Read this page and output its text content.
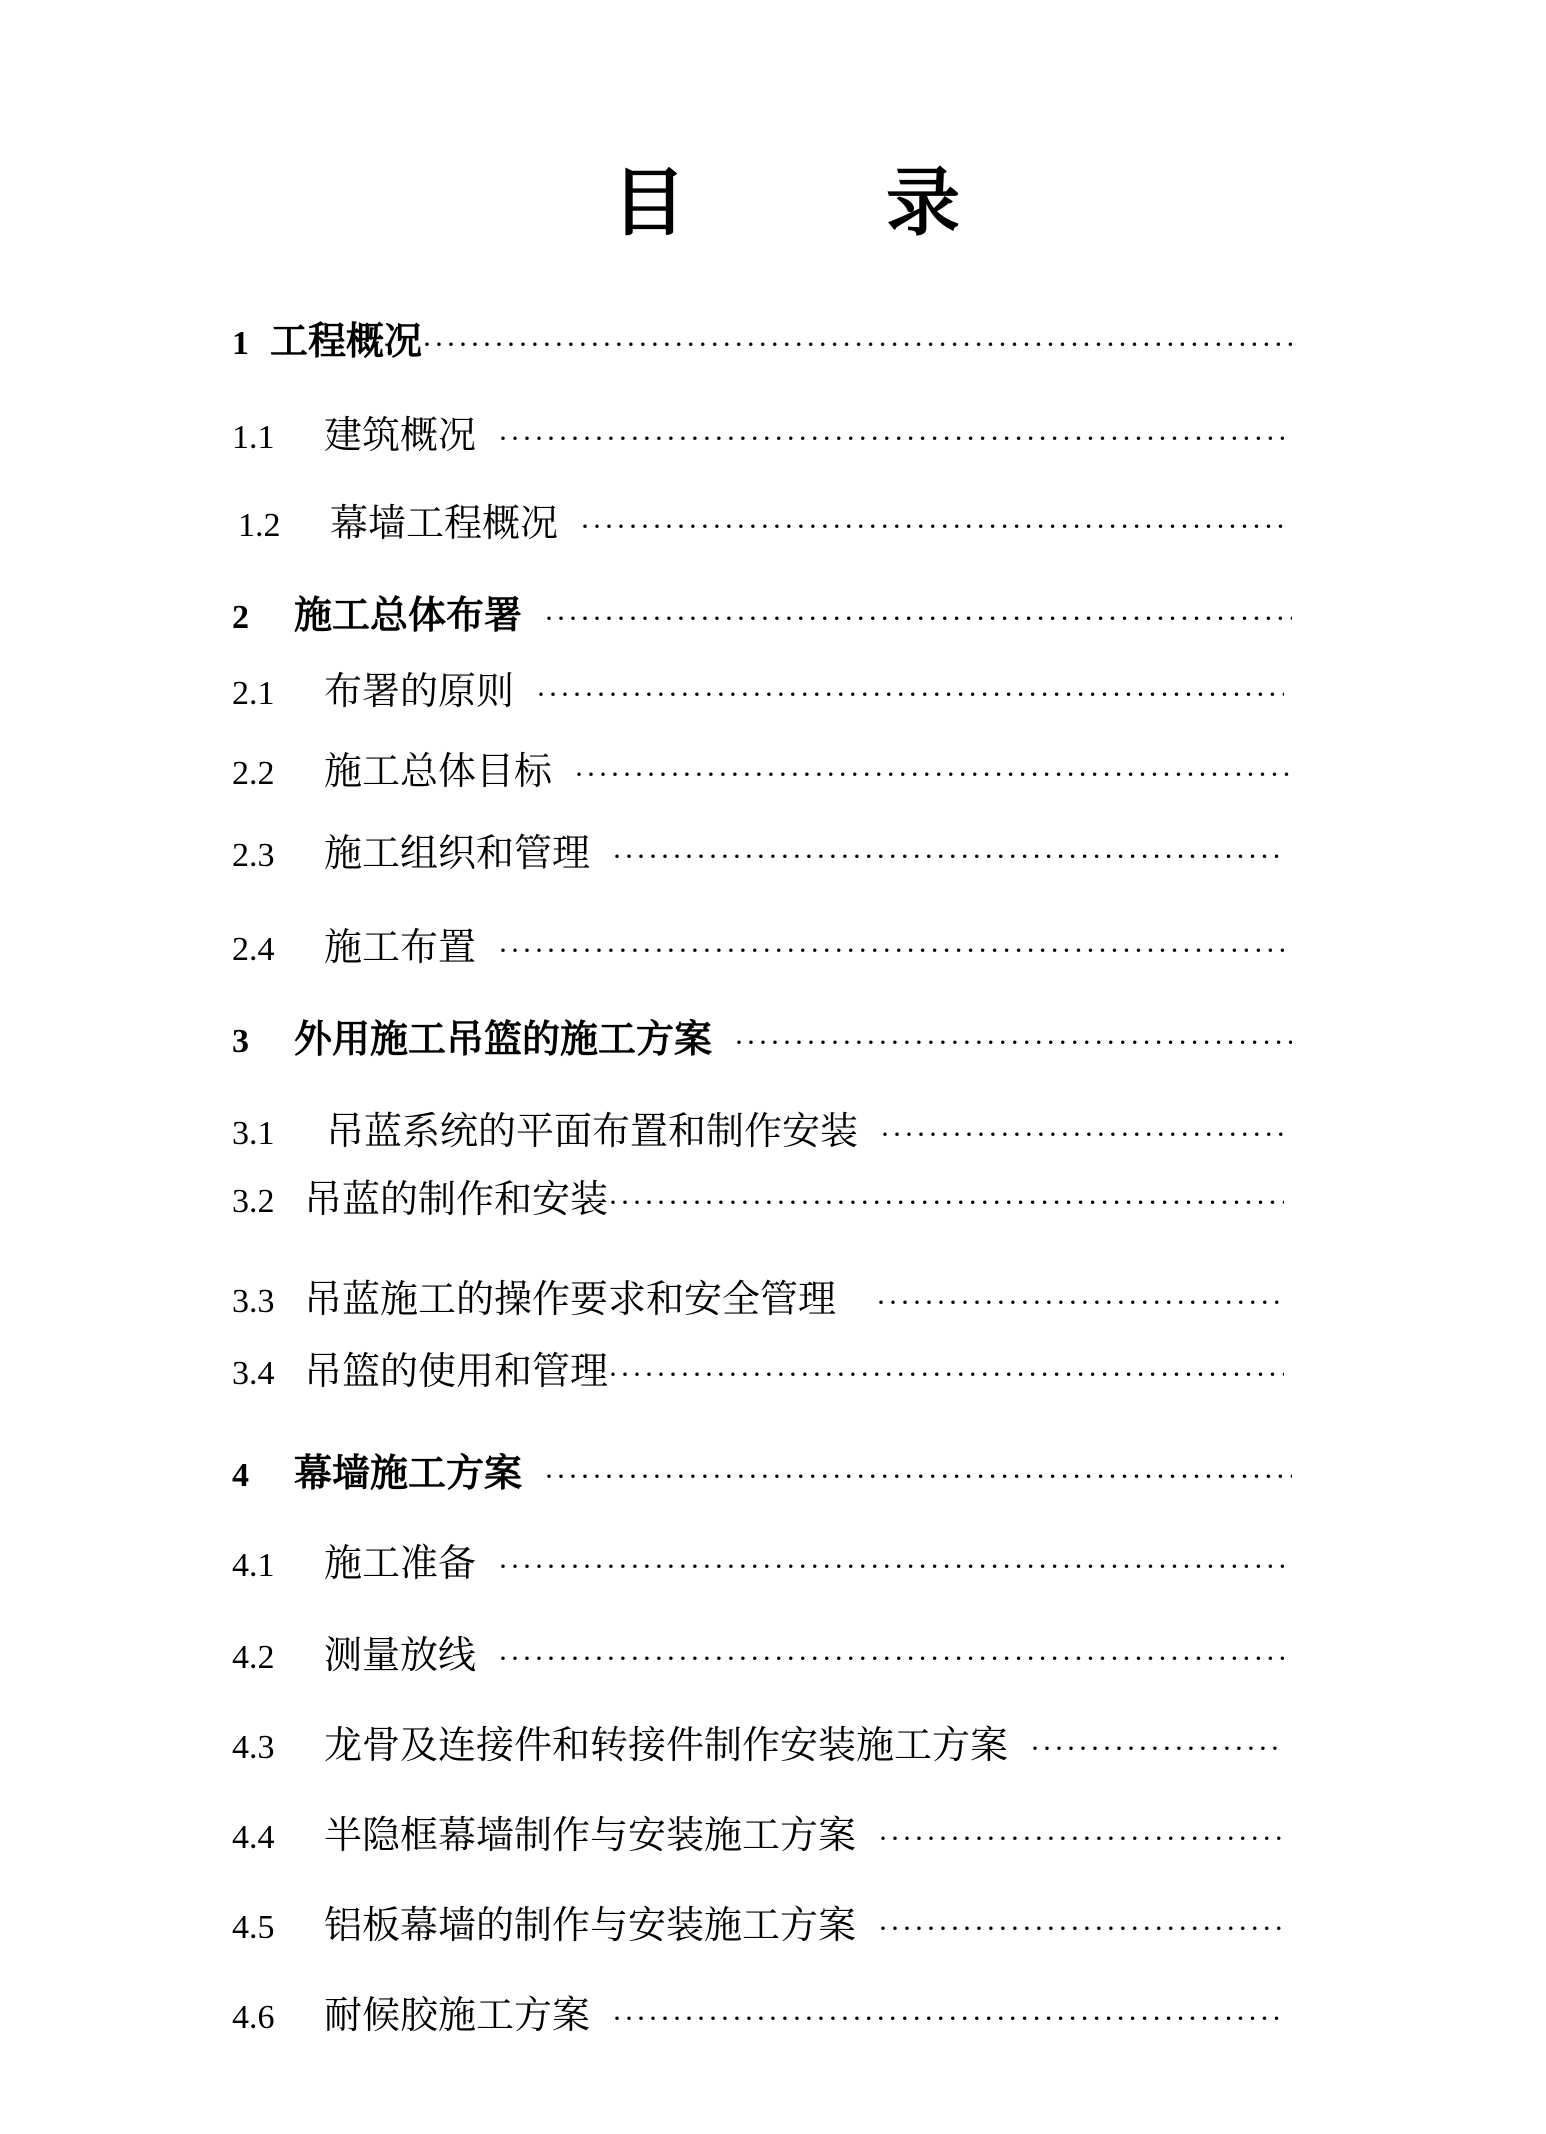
目	录
1 工程概况
·····
1.1	建筑概况
·····
1.2	幕墙工程概况
·····
2	施工总体布署
·····
2.1	布署的原则
·····
2.2	施工总体目标
·····
2.3	施工组织和管理
·····
2.4	施工布置
·····
3	外用施工吊篮的施工方案
·····
3.1	吊蓝系统的平面布置和制作安装
·····
3.2 吊蓝的制作和安装
·····
3.3 吊蓝施工的操作要求和安全管理
·····
3.4 吊篮的使用和管理
·····
4	幕墙施工方案
·····
4.1	施工准备
·····
4.2	测量放线
·····
4.3	龙骨及连接件和转接件制作安装施工方案
·····
4.4	半隐框幕墙制作与安装施工方案
·····
4.5	铝板幕墙的制作与安装施工方案
·····
4.6	耐候胶施工方案
·····
